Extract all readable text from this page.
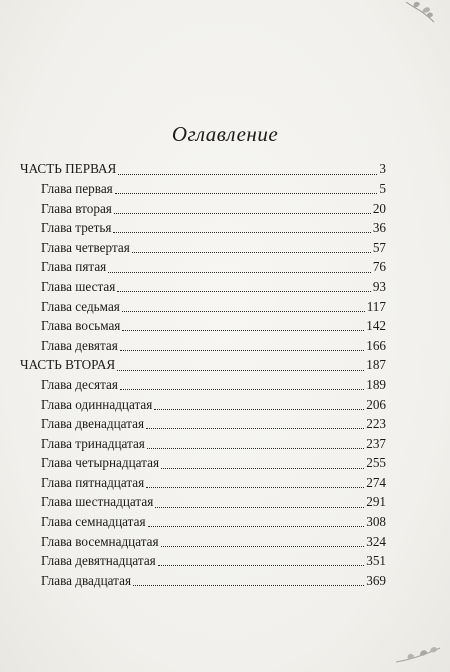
Оглавление
ЧАСТЬ ПЕРВАЯ	3
Глава первая	5
Глава вторая	20
Глава третья	36
Глава четвертая	57
Глава пятая	76
Глава шестая	93
Глава седьмая	117
Глава восьмая	142
Глава девятая	166
ЧАСТЬ ВТОРАЯ	187
Глава десятая	189
Глава одиннадцатая	206
Глава двенадцатая	223
Глава тринадцатая	237
Глава четырнадцатая	255
Глава пятнадцатая	274
Глава шестнадцатая	291
Глава семнадцатая	308
Глава восемнадцатая	324
Глава девятнадцатая	351
Глава двадцатая	369
